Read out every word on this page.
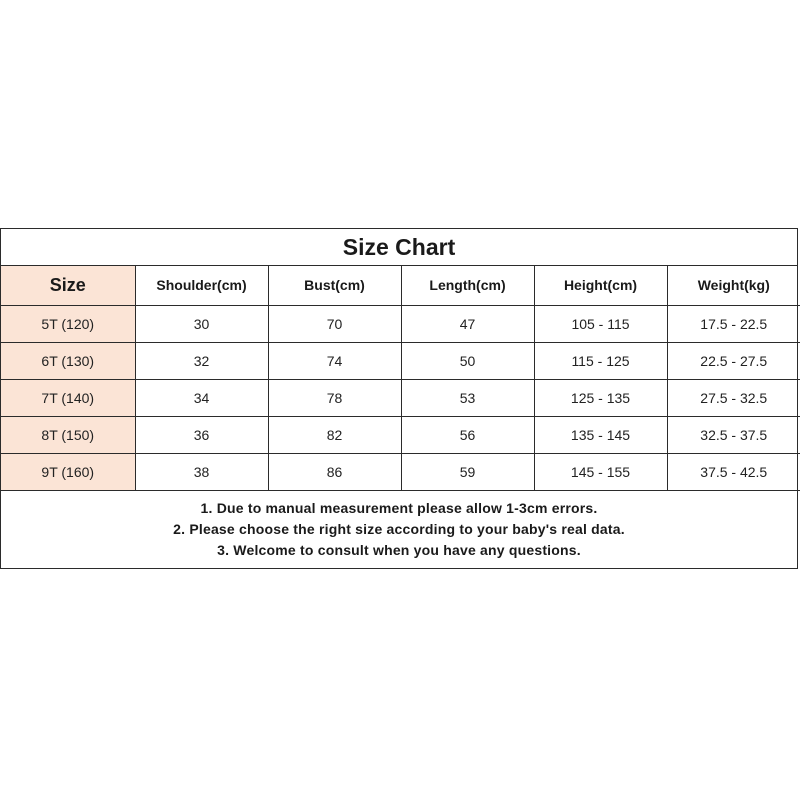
Size Chart
Size	Shoulder(cm)	Bust(cm)	Length(cm)	Height(cm)	Weight(kg)
5T (120)	30	70	47	105 - 115	17.5 - 22.5
6T (130)	32	74	50	115 - 125	22.5 - 27.5
7T (140)	34	78	53	125 - 135	27.5 - 32.5
8T (150)	36	82	56	135 - 145	32.5 - 37.5
9T (160)	38	86	59	145 - 155	37.5 - 42.5
1. Due to manual measurement please allow 1-3cm errors.
2. Please choose the right size according to your baby's real data.
3. Welcome to consult when you have any questions.
